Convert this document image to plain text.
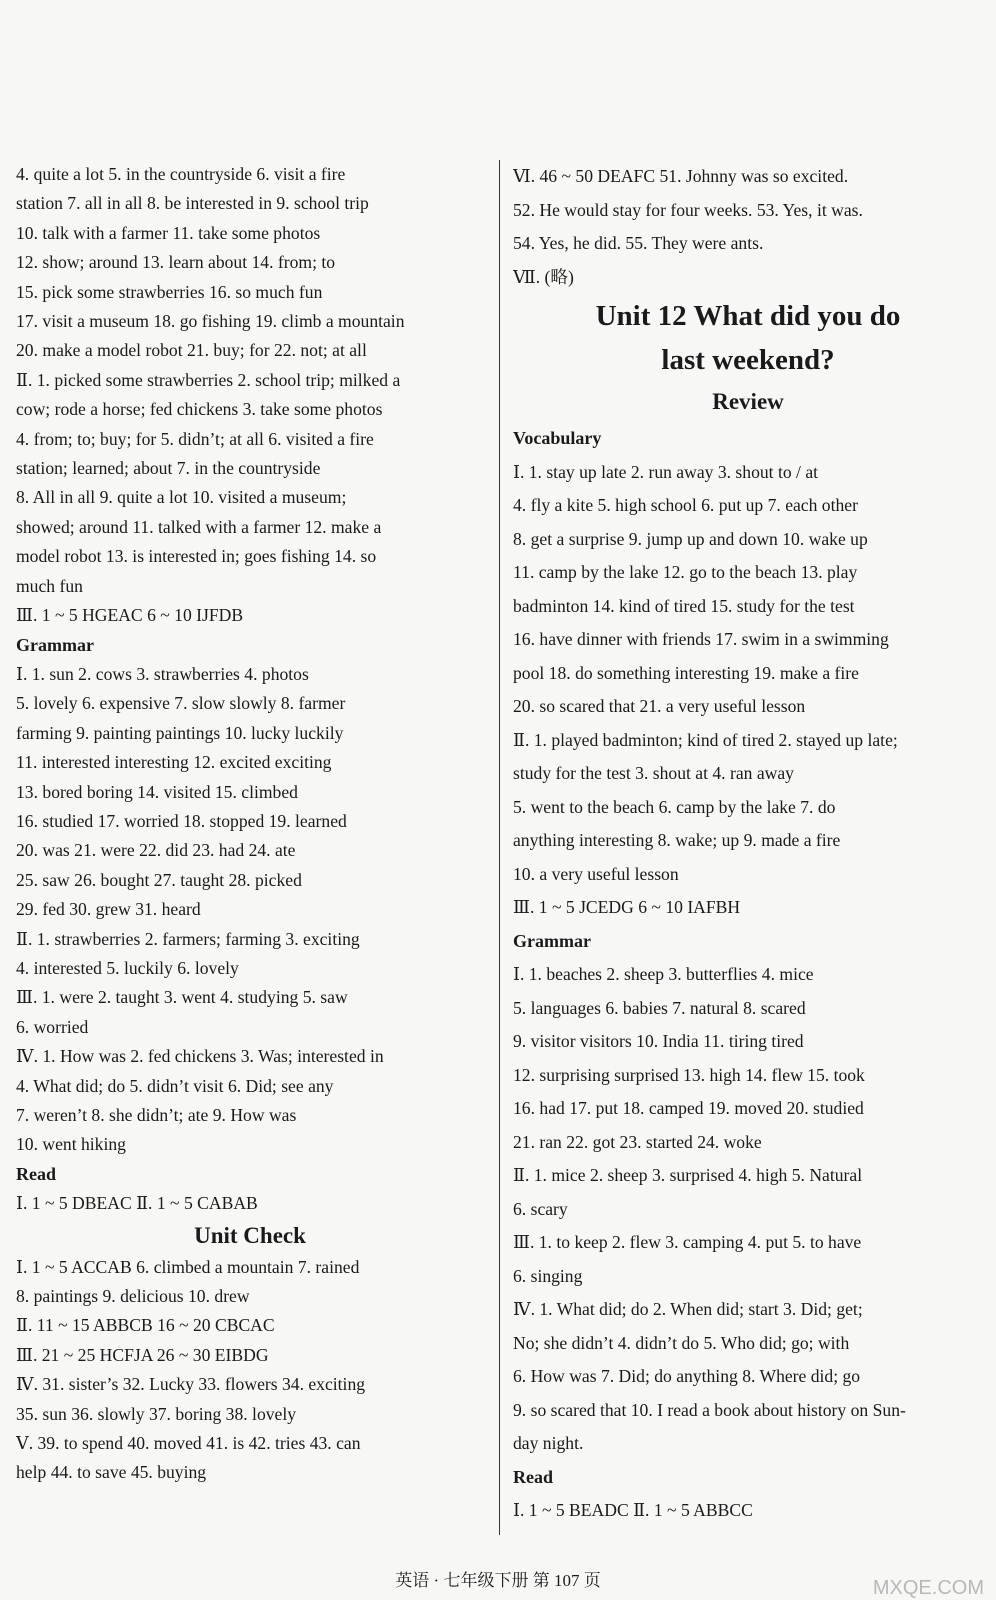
4. quite a lot 5. in the countryside 6. visit a fire
station 7. all in all 8. be interested in 9. school trip
10. talk with a farmer 11. take some photos
12. show; around 13. learn about 14. from; to
15. pick some strawberries 16. so much fun
17. visit a museum 18. go fishing 19. climb a mountain
20. make a model robot 21. buy; for 22. not; at all
Ⅱ. 1. picked some strawberries 2. school trip; milked a
cow; rode a horse; fed chickens 3. take some photos
4. from; to; buy; for 5. didn’t; at all 6. visited a fire
station; learned; about 7. in the countryside
8. All in all 9. quite a lot 10. visited a museum;
showed; around 11. talked with a farmer 12. make a
model robot 13. is interested in; goes fishing 14. so
much fun
Ⅲ. 1 ~ 5 HGEAC 6 ~ 10 IJFDB
Grammar
Ⅰ. 1. sun 2. cows 3. strawberries 4. photos
5. lovely 6. expensive 7. slow slowly 8. farmer
farming 9. painting paintings 10. lucky luckily
11. interested interesting 12. excited exciting
13. bored boring 14. visited 15. climbed
16. studied 17. worried 18. stopped 19. learned
20. was 21. were 22. did 23. had 24. ate
25. saw 26. bought 27. taught 28. picked
29. fed 30. grew 31. heard
Ⅱ. 1. strawberries 2. farmers; farming 3. exciting
4. interested 5. luckily 6. lovely
Ⅲ. 1. were 2. taught 3. went 4. studying 5. saw
6. worried
Ⅳ. 1. How was 2. fed chickens 3. Was; interested in
4. What did; do 5. didn’t visit 6. Did; see any
7. weren’t 8. she didn’t; ate 9. How was
10. went hiking
Read
Ⅰ. 1 ~ 5 DBEAC Ⅱ. 1 ~ 5 CABAB
Unit Check
Ⅰ. 1 ~ 5 ACCAB 6. climbed a mountain 7. rained
8. paintings 9. delicious 10. drew
Ⅱ. 11 ~ 15 ABBCB 16 ~ 20 CBCAC
Ⅲ. 21 ~ 25 HCFJA 26 ~ 30 EIBDG
Ⅳ. 31. sister’s 32. Lucky 33. flowers 34. exciting
35. sun 36. slowly 37. boring 38. lovely
Ⅴ. 39. to spend 40. moved 41. is 42. tries 43. can
help 44. to save 45. buying
Ⅵ. 46 ~ 50 DEAFC 51. Johnny was so excited.
52. He would stay for four weeks. 53. Yes, it was.
54. Yes, he did. 55. They were ants.
Ⅶ. (略)
Unit 12 What did you do
last weekend?
Review
Vocabulary
Ⅰ. 1. stay up late 2. run away 3. shout to / at
4. fly a kite 5. high school 6. put up 7. each other
8. get a surprise 9. jump up and down 10. wake up
11. camp by the lake 12. go to the beach 13. play
badminton 14. kind of tired 15. study for the test
16. have dinner with friends 17. swim in a swimming
pool 18. do something interesting 19. make a fire
20. so scared that 21. a very useful lesson
Ⅱ. 1. played badminton; kind of tired 2. stayed up late;
study for the test 3. shout at 4. ran away
5. went to the beach 6. camp by the lake 7. do
anything interesting 8. wake; up 9. made a fire
10. a very useful lesson
Ⅲ. 1 ~ 5 JCEDG 6 ~ 10 IAFBH
Grammar
Ⅰ. 1. beaches 2. sheep 3. butterflies 4. mice
5. languages 6. babies 7. natural 8. scared
9. visitor visitors 10. India 11. tiring tired
12. surprising surprised 13. high 14. flew 15. took
16. had 17. put 18. camped 19. moved 20. studied
21. ran 22. got 23. started 24. woke
Ⅱ. 1. mice 2. sheep 3. surprised 4. high 5. Natural
6. scary
Ⅲ. 1. to keep 2. flew 3. camping 4. put 5. to have
6. singing
Ⅳ. 1. What did; do 2. When did; start 3. Did; get;
No; she didn’t 4. didn’t do 5. Who did; go; with
6. How was 7. Did; do anything 8. Where did; go
9. so scared that 10. I read a book about history on Sun-
day night.
Read
Ⅰ. 1 ~ 5 BEADC Ⅱ. 1 ~ 5 ABBCC
英语 · 七年级下册 第 107 页	MXQE.COM
